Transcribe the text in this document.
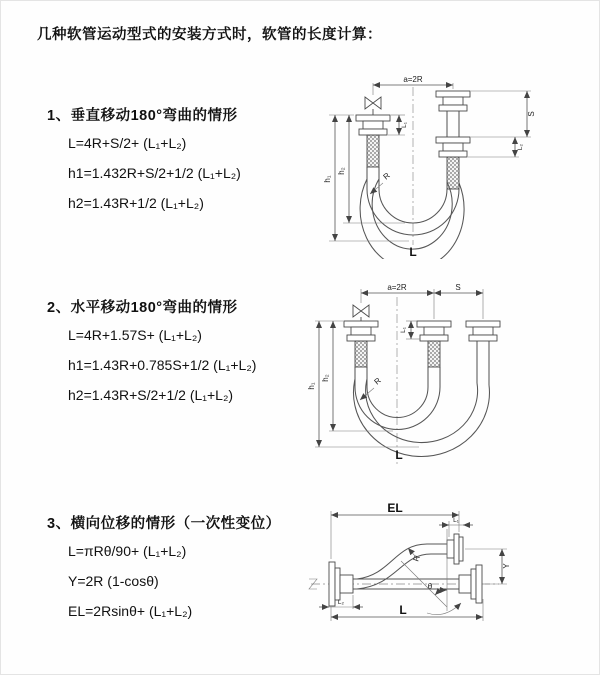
几种软管运动型式的安装方式时，软管的长度计算：
1、垂直移动180°弯曲的情形
L=4R+S/2+ (L₁+L₂)
h1=1.432R+S/2+1/2 (L₁+L₂)
h2=1.43R+1/2 (L₁+L₂)
2、水平移动180°弯曲的情形
L=4R+1.57S+ (L₁+L₂)
h1=1.43R+0.785S+1/2 (L₁+L₂)
h2=1.43R+S/2+1/2 (L₁+L₂)
3、横向位移的情形（一次性变位）
L=πRθ/90+ (L₁+L₂)
Y=2R (1-cosθ)
EL=2Rsinθ+ (L₁+L₂)
a=2R
h₁
h₂
L₁
S
L₂
R
L
a=2R	S
h₁
h₂
L₁
R
L
EL
L₁
Y
θ
R
L
L₂
